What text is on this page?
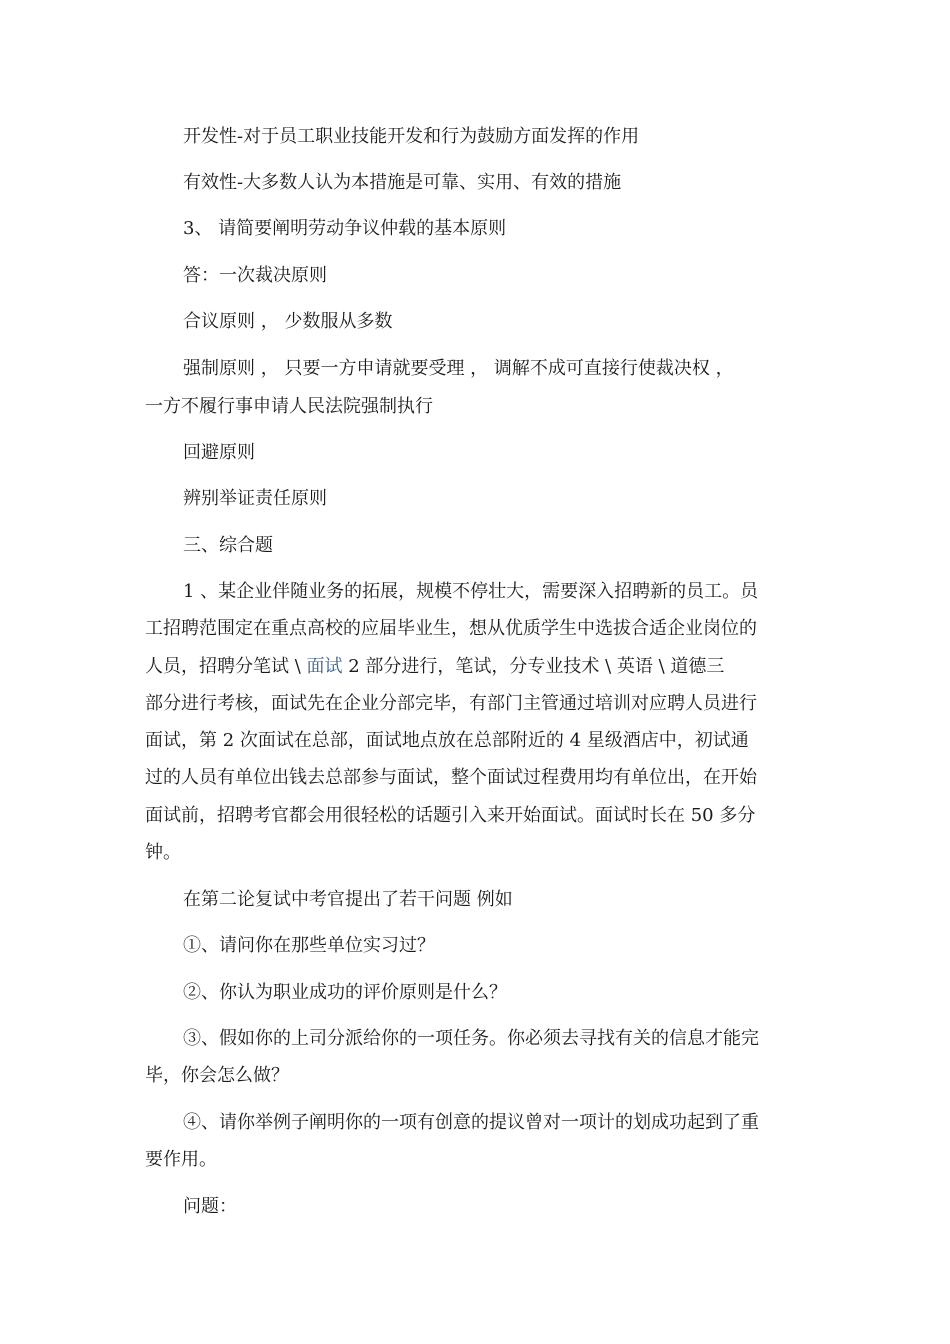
开发性-对于员工职业技能开发和行为鼓励方面发挥的作用

有效性-大多数人认为本措施是可靠、实用、有效的措施

3、 请简要阐明劳动争议仲载的基本原则

答：一次裁决原则

合议原则 ， 少数服从多数

强制原则 ， 只要一方申请就要受理 ， 调解不成可直接行使裁决权 ，

一方不履行事申请人民法院强制执行

回避原则

辨别举证责任原则

三、综合题

1 、某企业伴随业务的拓展，规模不停壮大，需要深入招聘新的员工。员

工招聘范围定在重点高校的应届毕业生，想从优质学生中选拔合适企业岗位的

人员，招聘分笔试 \ 面试 2 部分进行，笔试，分专业技术 \ 英语 \ 道德三

部分进行考核，面试先在企业分部完毕，有部门主管通过培训对应聘人员进行

面试，第 2 次面试在总部，面试地点放在总部附近的 4 星级酒店中，初试通

过的人员有单位出钱去总部参与面试，整个面试过程费用均有单位出，在开始

面试前，招聘考官都会用很轻松的话题引入来开始面试。面试时长在 50 多分

钟。

在第二论复试中考官提出了若干问题 例如

①、请问你在那些单位实习过？

②、你认为职业成功的评价原则是什么？

③、假如你的上司分派给你的一项任务。你必须去寻找有关的信息才能完

毕，你会怎么做？

④、请你举例子阐明你的一项有创意的提议曾对一项计的划成功起到了重

要作用。

问题：
